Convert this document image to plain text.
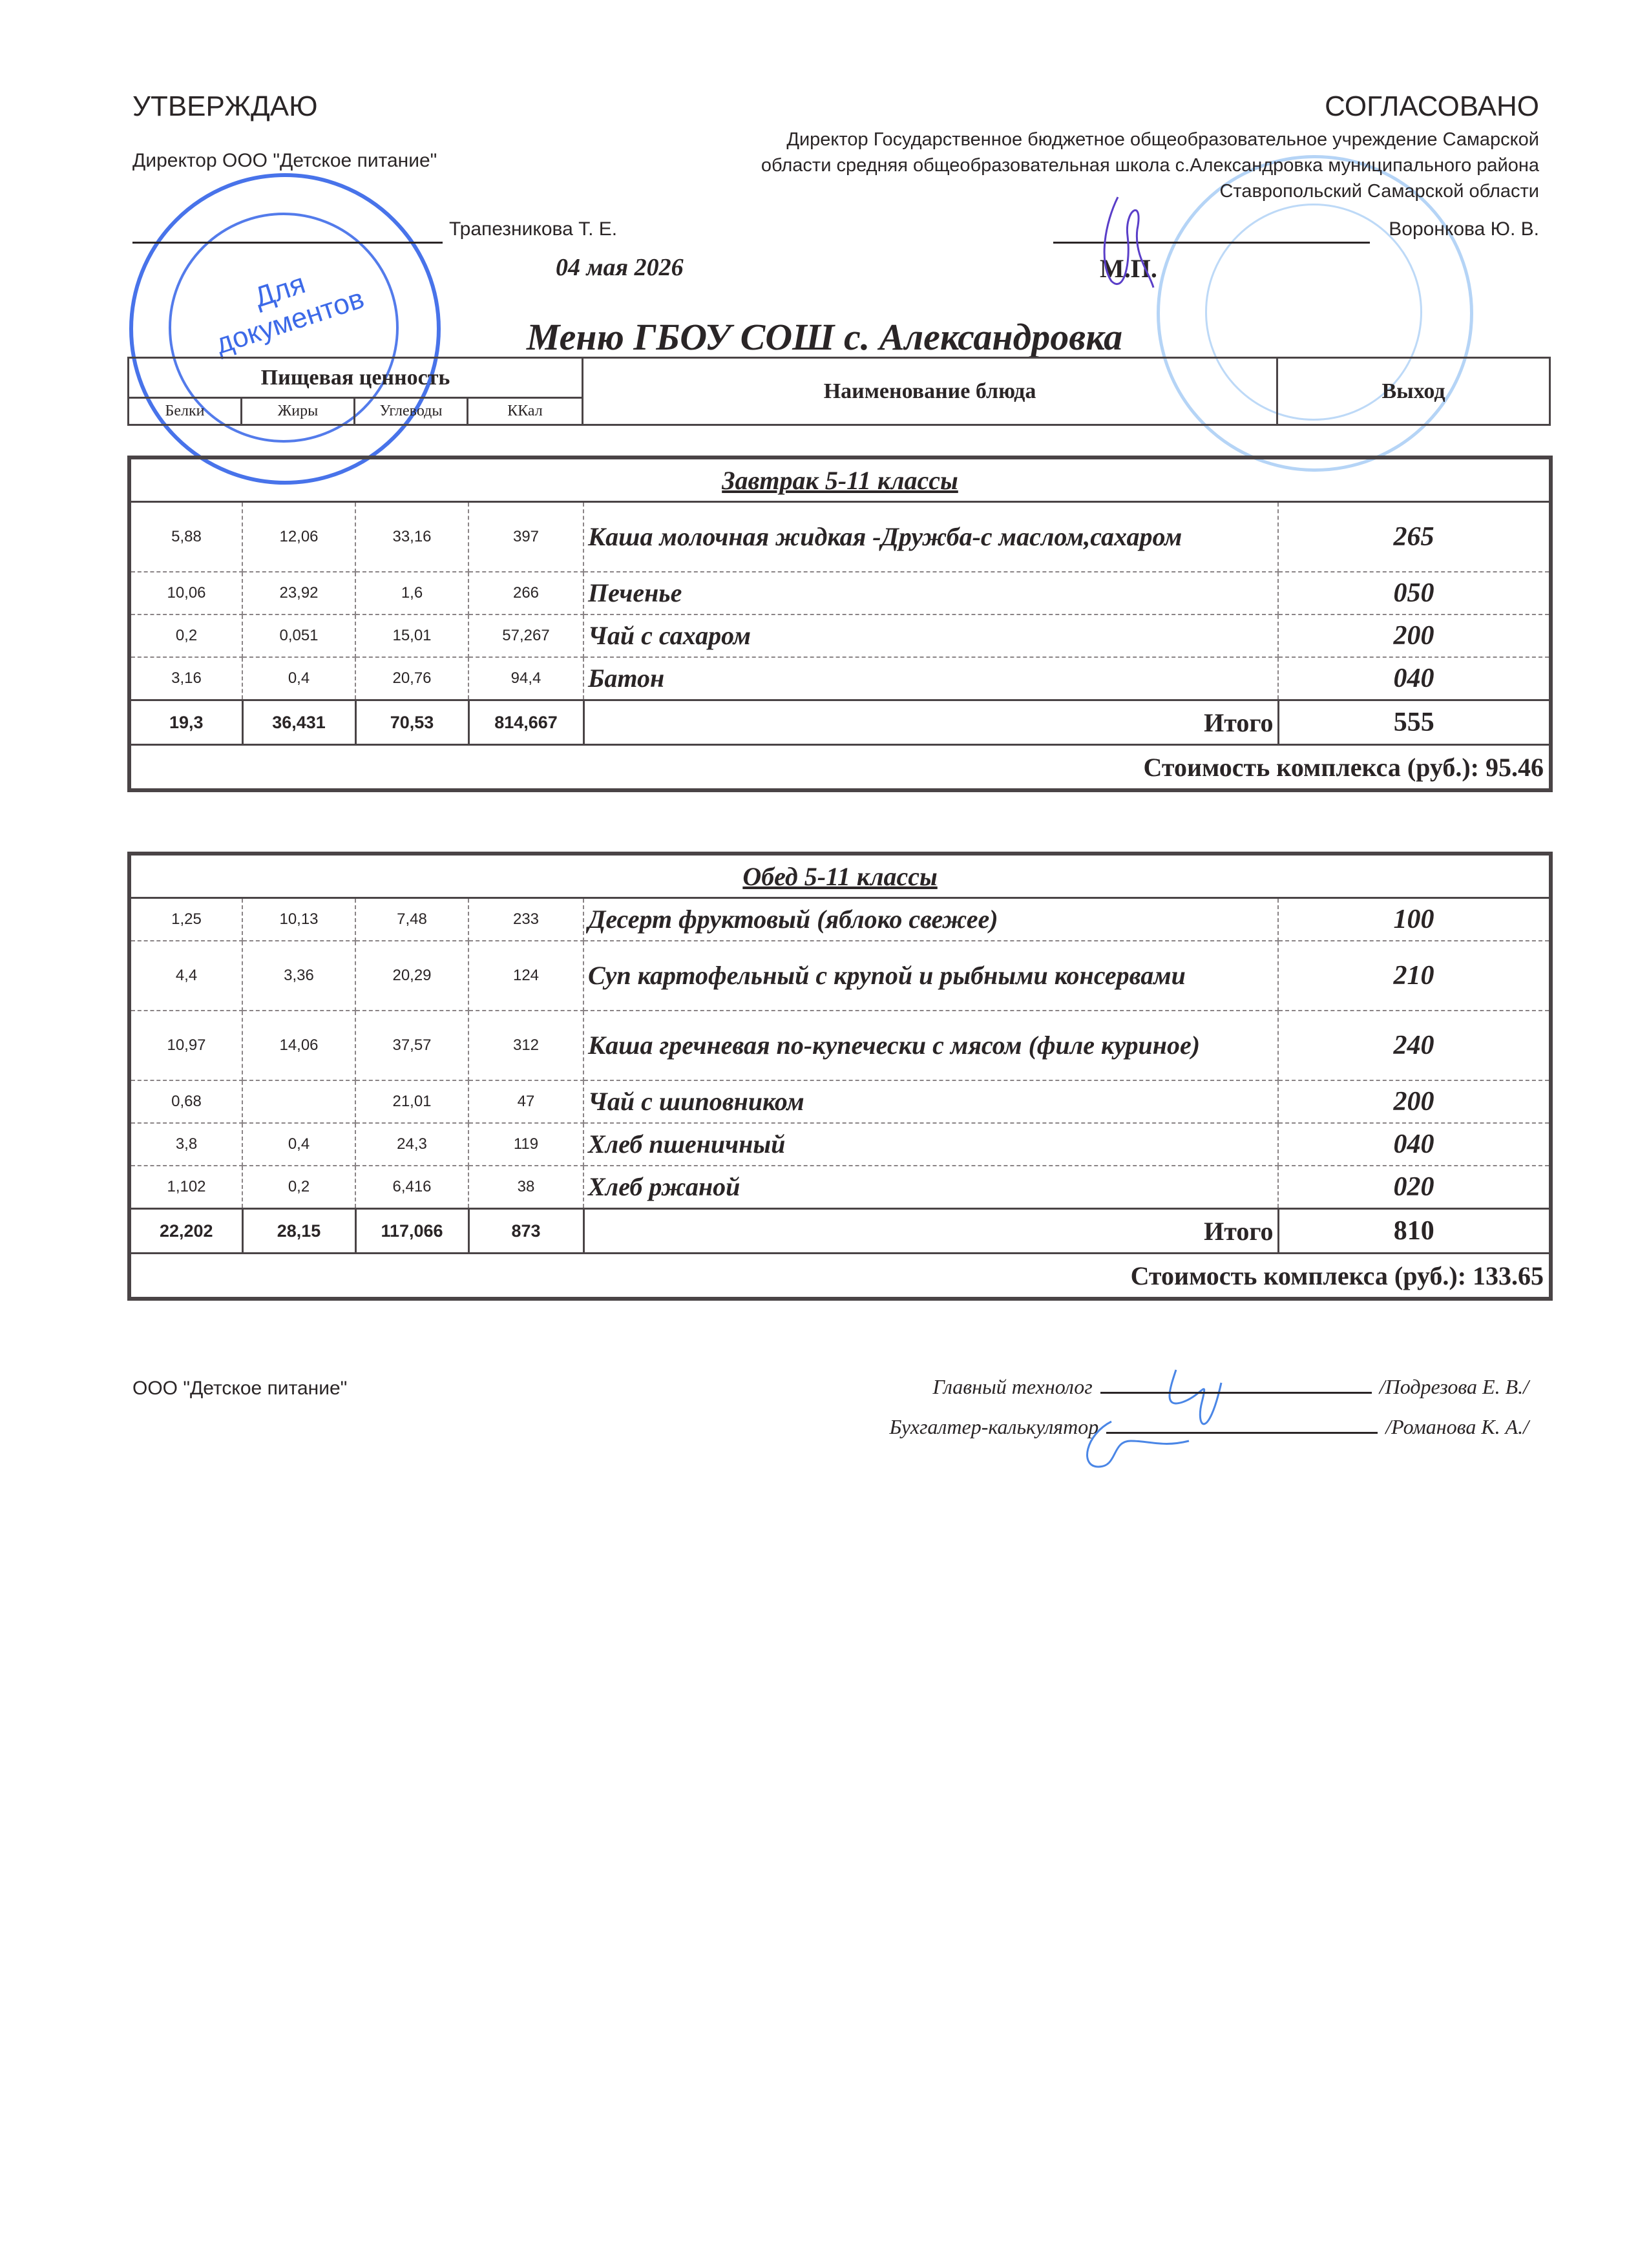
Для документов
УТВЕРЖДАЮ
Директор ООО "Детское питание"
Трапезникова Т. Е.
04 мая 2026
СОГЛАСОВАНО
Директор Государственное бюджетное общеобразовательное учреждение Самарской области средняя общеобразовательная школа с.Александровка муниципального района Ставропольский Самарской области
Воронкова Ю. В.
М.П.
Меню ГБОУ СОШ с. Александровка
Пищевая ценность				Наименование блюда	Выход
Белки	Жиры	Углеводы	ККал		
Завтрак 5-11 классы					
5,88	12,06	33,16	397	Каша молочная жидкая -Дружба-с маслом,сахаром	265
10,06	23,92	1,6	266	Печенье	050
0,2	0,051	15,01	57,267	Чай с сахаром	200
3,16	0,4	20,76	94,4	Батон	040
19,3	36,431	70,53	814,667	Итого	555
Стоимость комплекса (руб.): 95.46					
Обед 5-11 классы					
1,25	10,13	7,48	233	Десерт фруктовый (яблоко свежее)	100
4,4	3,36	20,29	124	Суп картофельный с крупой и рыбными консервами	210
10,97	14,06	37,57	312	Каша гречневая по-купечески с мясом (филе куриное)	240
0,68		21,01	47	Чай с шиповником	200
3,8	0,4	24,3	119	Хлеб пшеничный	040
1,102	0,2	6,416	38	Хлеб ржаной	020
22,202	28,15	117,066	873	Итого	810
Стоимость комплекса (руб.): 133.65					
ООО "Детское питание"	Главный технолог	/Подрезова Е. В./
Бухгалтер-калькулятор	/Романова К. А./
